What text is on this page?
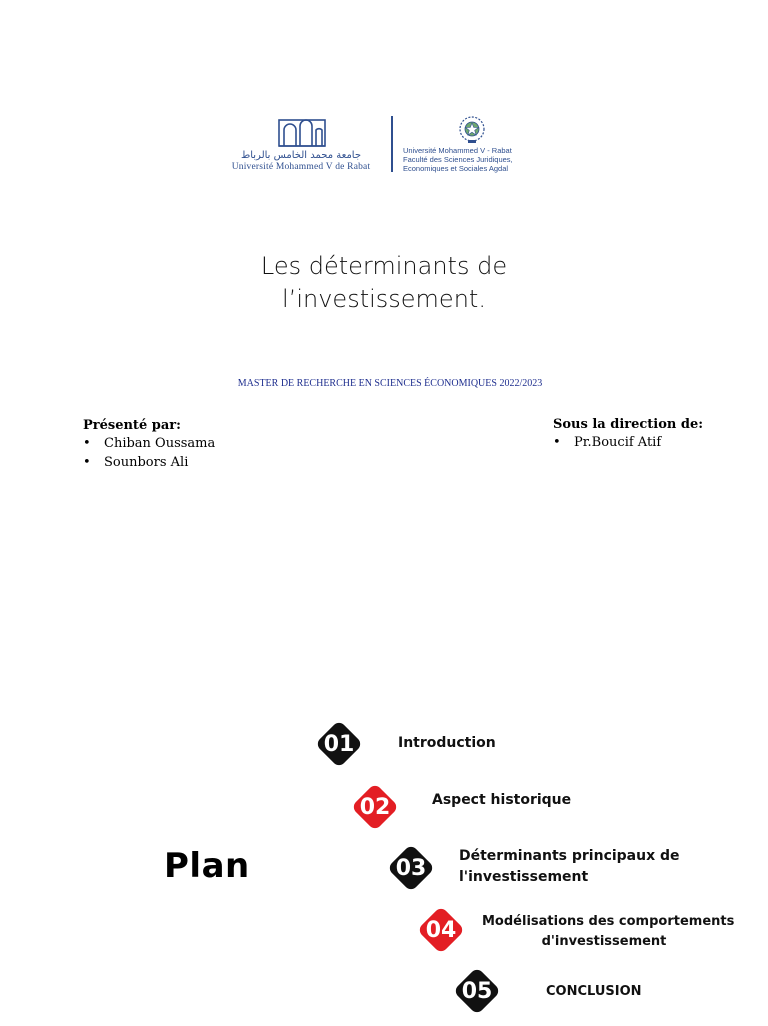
جامعة محمد الخامس بالرباط
Université Mohammed V de Rabat
Université Mohammed V - Rabat
Faculté des Sciences Juridiques,
Economiques et Sociales Agdal
Les déterminants de
l’investissement.
MASTER DE RECHERCHE EN SCIENCES ÉCONOMIQUES 2022/2023
Présenté par:
• Chiban Oussama
• Sounbors Ali
Sous la direction de:
• Pr.Boucif Atif
Plan
01	Introduction
02	Aspect historique
03	Déterminants principaux de
l'investissement
04	Modélisations des comportements
d'investissement
05	CONCLUSION
